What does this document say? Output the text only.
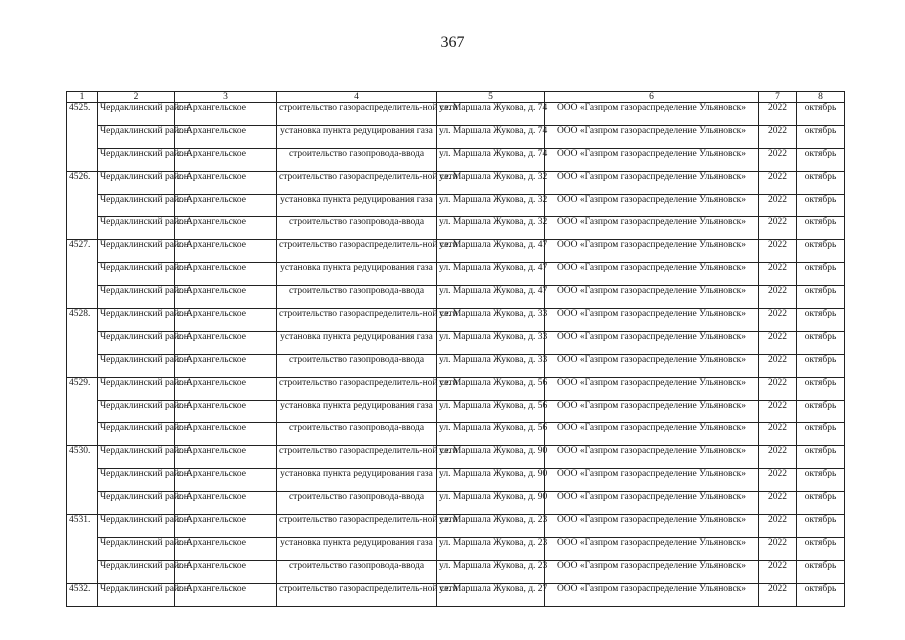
367
1	2	3	4	5	6	7	8
4525.	Чердаклинский район	с. Архангельское	строительство газораспределитель-ной сети	ул. Маршала Жукова, д. 74	ООО «Газпром газораспределение Ульяновск»	2022	октябрь
	Чердаклинский район	с. Архангельское	установка пункта редуцирования газа	ул. Маршала Жукова, д. 74	ООО «Газпром газораспределение Ульяновск»	2022	октябрь
	Чердаклинский район	с. Архангельское	строительство газопровода-ввода	ул. Маршала Жукова, д. 74	ООО «Газпром газораспределение Ульяновск»	2022	октябрь
4526.	Чердаклинский район	с. Архангельское	строительство газораспределитель-ной сети	ул. Маршала Жукова, д. 32	ООО «Газпром газораспределение Ульяновск»	2022	октябрь
	Чердаклинский район	с. Архангельское	установка пункта редуцирования газа	ул. Маршала Жукова, д. 32	ООО «Газпром газораспределение Ульяновск»	2022	октябрь
	Чердаклинский район	с. Архангельское	строительство газопровода-ввода	ул. Маршала Жукова, д. 32	ООО «Газпром газораспределение Ульяновск»	2022	октябрь
4527.	Чердаклинский район	с. Архангельское	строительство газораспределитель-ной сети	ул. Маршала Жукова, д. 47	ООО «Газпром газораспределение Ульяновск»	2022	октябрь
	Чердаклинский район	с. Архангельское	установка пункта редуцирования газа	ул. Маршала Жукова, д. 47	ООО «Газпром газораспределение Ульяновск»	2022	октябрь
	Чердаклинский район	с. Архангельское	строительство газопровода-ввода	ул. Маршала Жукова, д. 47	ООО «Газпром газораспределение Ульяновск»	2022	октябрь
4528.	Чердаклинский район	с. Архангельское	строительство газораспределитель-ной сети	ул. Маршала Жукова, д. 33	ООО «Газпром газораспределение Ульяновск»	2022	октябрь
	Чердаклинский район	с. Архангельское	установка пункта редуцирования газа	ул. Маршала Жукова, д. 33	ООО «Газпром газораспределение Ульяновск»	2022	октябрь
	Чердаклинский район	с. Архангельское	строительство газопровода-ввода	ул. Маршала Жукова, д. 33	ООО «Газпром газораспределение Ульяновск»	2022	октябрь
4529.	Чердаклинский район	с. Архангельское	строительство газораспределитель-ной сети	ул. Маршала Жукова, д. 56	ООО «Газпром газораспределение Ульяновск»	2022	октябрь
	Чердаклинский район	с. Архангельское	установка пункта редуцирования газа	ул. Маршала Жукова, д. 56	ООО «Газпром газораспределение Ульяновск»	2022	октябрь
	Чердаклинский район	с. Архангельское	строительство газопровода-ввода	ул. Маршала Жукова, д. 56	ООО «Газпром газораспределение Ульяновск»	2022	октябрь
4530.	Чердаклинский район	с. Архангельское	строительство газораспределитель-ной сети	ул. Маршала Жукова, д. 90	ООО «Газпром газораспределение Ульяновск»	2022	октябрь
	Чердаклинский район	с. Архангельское	установка пункта редуцирования газа	ул. Маршала Жукова, д. 90	ООО «Газпром газораспределение Ульяновск»	2022	октябрь
	Чердаклинский район	с. Архангельское	строительство газопровода-ввода	ул. Маршала Жукова, д. 90	ООО «Газпром газораспределение Ульяновск»	2022	октябрь
4531.	Чердаклинский район	с. Архангельское	строительство газораспределитель-ной сети	ул. Маршала Жукова, д. 23	ООО «Газпром газораспределение Ульяновск»	2022	октябрь
	Чердаклинский район	с. Архангельское	установка пункта редуцирования газа	ул. Маршала Жукова, д. 23	ООО «Газпром газораспределение Ульяновск»	2022	октябрь
	Чердаклинский район	с. Архангельское	строительство газопровода-ввода	ул. Маршала Жукова, д. 23	ООО «Газпром газораспределение Ульяновск»	2022	октябрь
4532.	Чердаклинский район	с. Архангельское	строительство газораспределитель-ной сети	ул. Маршала Жукова, д. 27	ООО «Газпром газораспределение Ульяновск»	2022	октябрь
